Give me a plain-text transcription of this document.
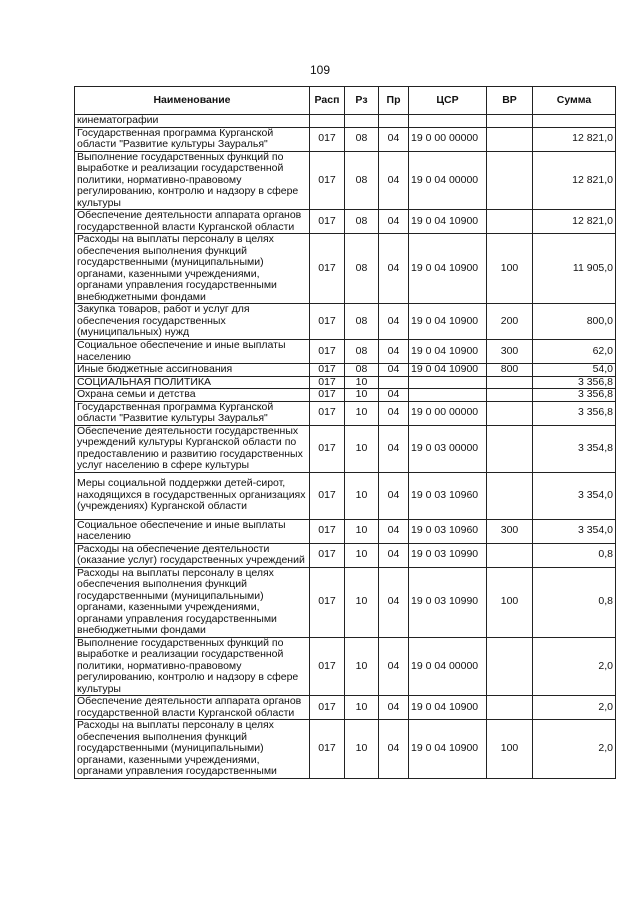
109
Наименование	Расп	Рз	Пр	ЦСР	ВР	Сумма
кинематографии						
Государственная программа Курганской области "Развитие культуры Зауралья"	017	08	04	19 0 00 00000		12 821,0
Выполнение государственных функций по выработке и реализации государственной политики, нормативно-правовому регулированию, контролю и надзору в сфере культуры	017	08	04	19 0 04 00000		12 821,0
Обеспечение деятельности аппарата органов государственной власти Курганской области	017	08	04	19 0 04 10900		12 821,0
Расходы на выплаты персоналу в целях обеспечения выполнения функций государственными (муниципальными) органами, казенными учреждениями, органами управления государственными внебюджетными фондами	017	08	04	19 0 04 10900	100	11 905,0
Закупка товаров, работ и услуг для обеспечения государственных (муниципальных) нужд	017	08	04	19 0 04 10900	200	800,0
Социальное обеспечение и иные выплаты населению	017	08	04	19 0 04 10900	300	62,0
Иные бюджетные ассигнования	017	08	04	19 0 04 10900	800	54,0
СОЦИАЛЬНАЯ ПОЛИТИКА	017	10				3 356,8
Охрана семьи и детства	017	10	04			3 356,8
Государственная программа Курганской области "Развитие культуры Зауралья"	017	10	04	19 0 00 00000		3 356,8
Обеспечение деятельности государственных учреждений культуры Курганской области по предоставлению и развитию государственных услуг населению в сфере культуры	017	10	04	19 0 03 00000		3 354,8
Меры социальной поддержки детей-сирот, находящихся в государственных организациях (учреждениях) Курганской области	017	10	04	19 0 03 10960		3 354,0
Социальное обеспечение и иные выплаты населению	017	10	04	19 0 03 10960	300	3 354,0
Расходы на обеспечение деятельности (оказание услуг) государственных учреждений	017	10	04	19 0 03 10990		0,8
Расходы на выплаты персоналу в целях обеспечения выполнения функций государственными (муниципальными) органами, казенными учреждениями, органами управления государственными внебюджетными фондами	017	10	04	19 0 03 10990	100	0,8
Выполнение государственных функций по выработке и реализации государственной политики, нормативно-правовому регулированию, контролю и надзору в сфере культуры	017	10	04	19 0 04 00000		2,0
Обеспечение деятельности аппарата органов государственной власти Курганской области	017	10	04	19 0 04 10900		2,0
Расходы на выплаты персоналу в целях обеспечения выполнения функций государственными (муниципальными) органами, казенными учреждениями, органами управления государственными	017	10	04	19 0 04 10900	100	2,0
